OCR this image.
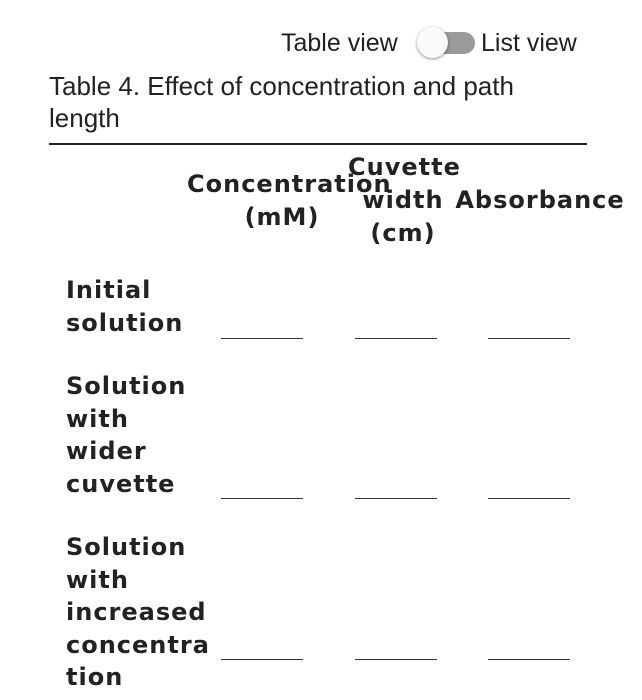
Table view	List view
Table 4. Effect of concentration and path length
Concentration
(mM)
Cuvette
width
(cm)
Absorbance
Initial solution
Solution with wider cuvette
Solution with increased concentration
